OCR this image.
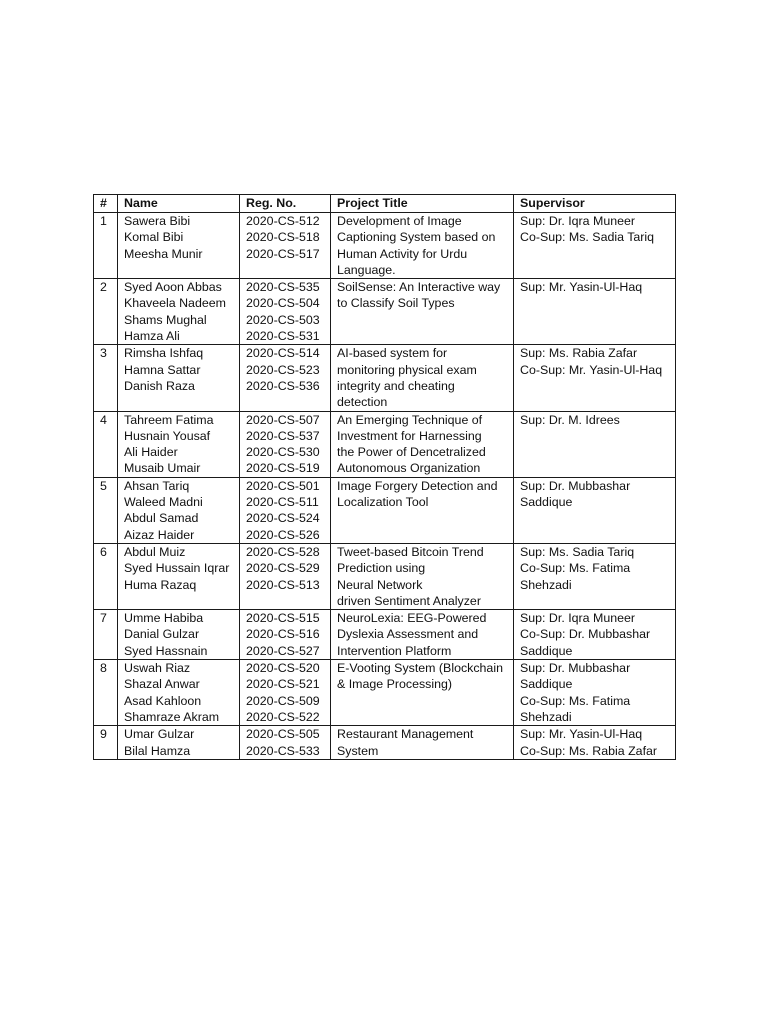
#	Name	Reg. No.	Project Title	Supervisor
1	Sawera Bibi
Komal Bibi
Meesha Munir	2020-CS-512
2020-CS-518
2020-CS-517	Development of Image
Captioning System based on
Human Activity for Urdu
Language.	Sup: Dr. Iqra Muneer
Co-Sup: Ms. Sadia Tariq

2	Syed Aoon Abbas
Khaveela Nadeem
Shams Mughal
Hamza Ali	2020-CS-535
2020-CS-504
2020-CS-503
2020-CS-531	SoilSense: An Interactive way
to Classify Soil Types	Sup: Mr. Yasin-Ul-Haq

3	Rimsha Ishfaq
Hamna Sattar
Danish Raza	2020-CS-514
2020-CS-523
2020-CS-536	AI-based system for
monitoring physical exam
integrity and cheating
detection	Sup: Ms. Rabia Zafar
Co-Sup: Mr. Yasin-Ul-Haq

4	Tahreem Fatima
Husnain Yousaf
Ali Haider
Musaib Umair	2020-CS-507
2020-CS-537
2020-CS-530
2020-CS-519	An Emerging Technique of
Investment for Harnessing
the Power of Dencetralized
Autonomous Organization	Sup: Dr. M. Idrees

5	Ahsan Tariq
Waleed Madni
Abdul Samad
Aizaz Haider	2020-CS-501
2020-CS-511
2020-CS-524
2020-CS-526	Image Forgery Detection and
Localization Tool	Sup: Dr. Mubbashar
Saddique

6	Abdul Muiz
Syed Hussain Iqrar
Huma Razaq	2020-CS-528
2020-CS-529
2020-CS-513	Tweet-based Bitcoin Trend
Prediction using
Neural Network
driven Sentiment Analyzer	Sup: Ms. Sadia Tariq
Co-Sup: Ms. Fatima
Shehzadi

7	Umme Habiba
Danial Gulzar
Syed Hassnain	2020-CS-515
2020-CS-516
2020-CS-527	NeuroLexia: EEG-Powered
Dyslexia Assessment and
Intervention Platform	Sup: Dr. Iqra Muneer
Co-Sup: Dr. Mubbashar
Saddique

8	Uswah Riaz
Shazal Anwar
Asad Kahloon
Shamraze Akram	2020-CS-520
2020-CS-521
2020-CS-509
2020-CS-522	E-Vooting System (Blockchain
& Image Processing)	Sup: Dr. Mubbashar
Saddique
Co-Sup: Ms. Fatima
Shehzadi

9	Umar Gulzar
Bilal Hamza	2020-CS-505
2020-CS-533	Restaurant Management
System	Sup: Mr. Yasin-Ul-Haq
Co-Sup: Ms. Rabia Zafar
